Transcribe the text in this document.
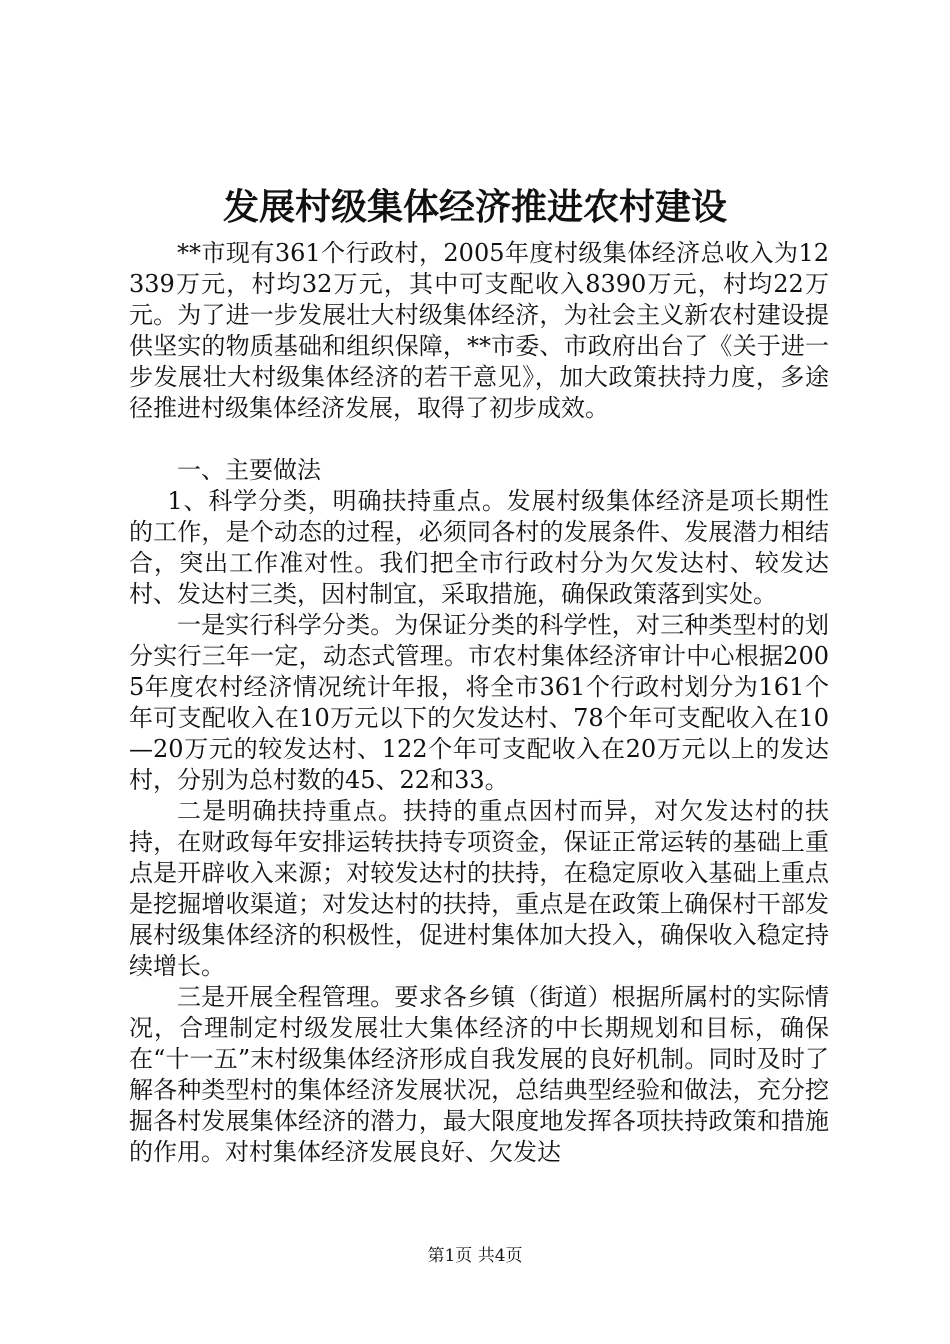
发展村级集体经济推进农村建设

**市现有361个行政村，2005年度村级集体经济总收入为12339万元，村均32万元，其中可支配收入8390万元，村均22万元。为了进一步发展壮大村级集体经济，为社会主义新农村建设提供坚实的物质基础和组织保障，**市委、市政府出台了《关于进一步发展壮大村级集体经济的若干意见》，加大政策扶持力度，多途径推进村级集体经济发展，取得了初步成效。

一、主要做法

1、科学分类，明确扶持重点。发展村级集体经济是项长期性的工作，是个动态的过程，必须同各村的发展条件、发展潜力相结合，突出工作准对性。我们把全市行政村分为欠发达村、较发达村、发达村三类，因村制宜，采取措施，确保政策落到实处。

一是实行科学分类。为保证分类的科学性，对三种类型村的划分实行三年一定，动态式管理。市农村集体经济审计中心根据2005年度农村经济情况统计年报，将全市361个行政村划分为161个年可支配收入在10万元以下的欠发达村、78个年可支配收入在10—20万元的较发达村、122个年可支配收入在20万元以上的发达村，分别为总村数的45、22和33。

二是明确扶持重点。扶持的重点因村而异，对欠发达村的扶持，在财政每年安排运转扶持专项资金，保证正常运转的基础上重点是开辟收入来源；对较发达村的扶持，在稳定原收入基础上重点是挖掘增收渠道；对发达村的扶持，重点是在政策上确保村干部发展村级集体经济的积极性，促进村集体加大投入，确保收入稳定持续增长。

三是开展全程管理。要求各乡镇（街道）根据所属村的实际情况，合理制定村级发展壮大集体经济的中长期规划和目标，确保在“十一五”末村级集体经济形成自我发展的良好机制。同时及时了解各种类型村的集体经济发展状况，总结典型经验和做法，充分挖掘各村发展集体经济的潜力，最大限度地发挥各项扶持政策和措施的作用。对村集体经济发展良好、欠发达

第1页 共4页
